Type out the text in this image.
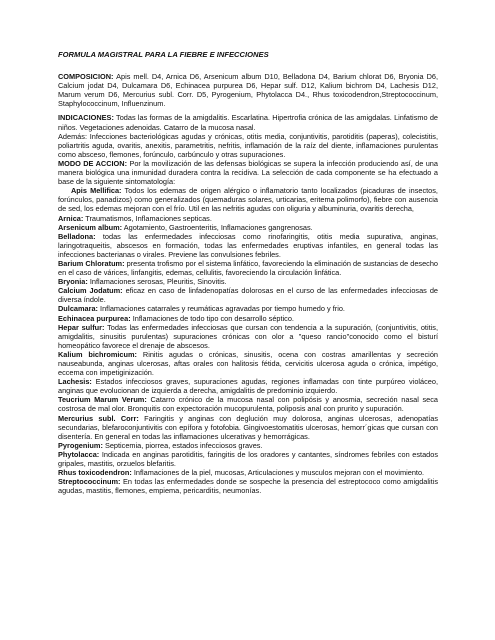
FORMULA MAGISTRAL PARA LA FIEBRE E INFECCIONES

COMPOSICION: Apis mell. D4, Arnica D6, Arsenicum album D10, Belladona D4, Barium chlorat D6, Bryonia D6, Calcium jodat D4, Dulcamara D6, Echinacea purpurea D6, Hepar sulf. D12, Kalium bichrom D4, Lachesis D12, Marum verum D6, Mercurius subl. Corr. D5, Pyrogenium, Phytolacca D4., Rhus toxicodendron,Streptococcinum, Staphylococcinum, Influenzinum.

INDICACIONES: Todas las formas de la amigdalitis. Escarlatina. Hipertrofia crónica de las amigdalas. Linfatismo de niños. Vegetaciones adenoidas. Catarro de la mucosa nasal.

Además: Infecciones bacteriológicas agudas y crónicas, otitis media, conjuntivitis, parotiditis (paperas), colecistitis, poliartritis aguda, ovaritis, anexitis, parametritis, nefritis, inflamación de la raíz del diente, inflamaciones purulentas como absceso, flemones, forúnculo, carbúnculo y otras supuraciones.

MODO DE ACCION: Por la movilización de las defensas biológicas se supera la infección produciendo así, de una manera biológica una inmunidad duradera contra la recidiva. La selección de cada componente se ha efectuado a base de la siguiente sintomatología:

Apis Mellifica: Todos los edemas de origen alérgico o inflamatorio tanto localizados (picaduras de insectos, forúnculos, panadizos) como generalizados (quemaduras solares, urticarias, eritema polimorfo), fiebre con ausencia de sed, los edemas mejoran con el frío. Util en las nefritis agudas con oliguria y albuminuria, ovaritis derecha,

Arnica: Traumatismos, Inflamaciones septicas.

Arsenicum album: Agotamiento, Gastroenteritis, Inflamaciones gangrenosas.

Belladona: todas las enfermedades infecciosas como rinofaringitis, otitis media supurativa, anginas, laringotraqueitis, abscesos en formación, todas las enfermedades eruptivas infantiles, en general todas las infecciones bacterianas o virales. Previene las convulsiones febriles.

Barium Chloratum: presenta trofismo por el sistema linfático, favoreciendo la eliminación de sustancias de desecho en el caso de várices, linfangitis, edemas, cellulitis, favoreciendo la circulación linfática.

Bryonia: Inflamaciones serosas, Pleuritis, Sinovitis.

Calcium Jodatum: eficaz en caso de linfadenopatías dolorosas en el curso de las enfermedades infecciosas de diversa índole.

Dulcamara: Inflamaciones catarrales y reumáticas agravadas por tiempo humedo y frio.

Echinacea purpurea: Inflamaciones de todo tipo con desarrollo séptico.

Hepar sulfur: Todas las enfermedades infecciosas que cursan con tendencia a la supuración, (conjuntivitis, otitis, amigdalitis, sinusitis purulentas) supuraciones crónicas con olor a "queso rancio"conocido como el bisturí homeopático favorece el drenaje de abscesos.

Kalium bichromicum: Rinitis agudas o crónicas, sinusitis, ocena con costras amarillentas y secreción nauseabunda, anginas ulcerosas, aftas orales con halitosis fétida, cervicitis ulcerosa aguda o crónica, impétigo, eccema con impetiginización.

Lachesis: Estados infecciosos graves, supuraciones agudas, regiones inflamadas con tinte purpúreo violáceo, anginas que evolucionan de izquierda a derecha, amigdalitis de predominio izquierdo.

Teucrium Marum Verum: Catarro crónico de la mucosa nasal con polipósis y anosmia, secreción nasal seca costrosa de mal olor. Bronquitis con expectoración mucopurulenta, poliposis anal con prurito y supuración.

Mercurius subl. Corr: Faringitis y anginas con deglución muy dolorosa, anginas ulcerosas, adenopatías secundarias, blefaroconjuntivitis con epífora y fotofobia. Gingivoestomatitis ulcerosas, hemorr´gicas que cursan con disentería. En general en todas las inflamaciones ulcerativas y hemorrágicas.

Pyrogenium: Septicemia, piorrea, estados infecciosos graves.

Phytolacca: Indicada en anginas parotiditis, faringitis de los oradores y cantantes, síndromes febriles con estados gripales, mastitis, orzuelos blefaritis.

Rhus toxicodendron: Inflamaciones de la piel, mucosas, Articulaciones y musculos mejoran con el movimiento.

Streptococcinum: En todas las enfermedades donde se sospeche la presencia del estreptococo como amigdalitis agudas, mastitis, flemones, empiema, pericarditis, neumonías.
